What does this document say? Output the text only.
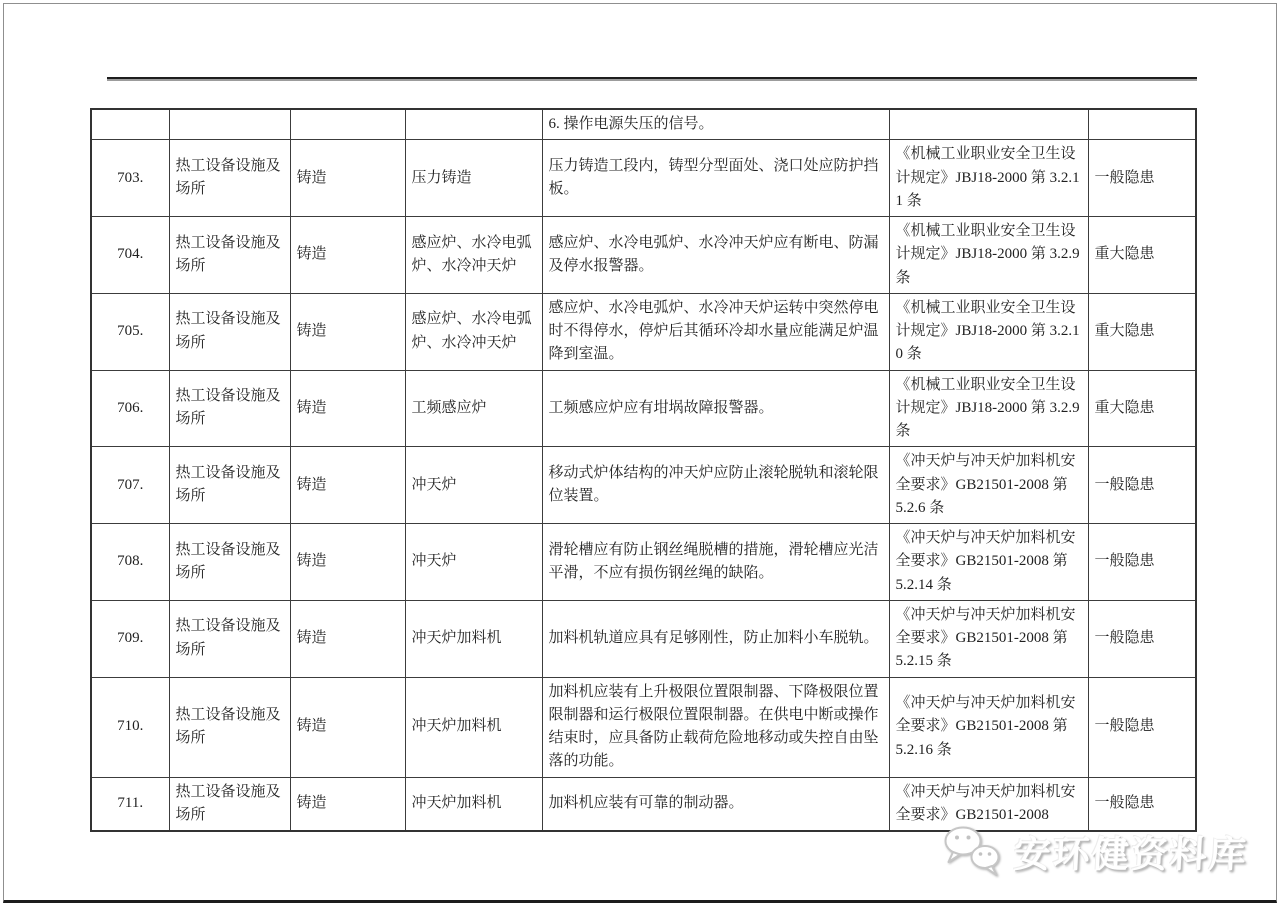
				6. 操作电源失压的信号。		
703.	热工设备设施及场所	铸造	压力铸造	压力铸造工段内，铸型分型面处、浇口处应防护挡板。	《机械工业职业安全卫生设计规定》JBJ18-2000 第 3.2.11 条	一般隐患
704.	热工设备设施及场所	铸造	感应炉、水冷电弧炉、水冷冲天炉	感应炉、水冷电弧炉、水冷冲天炉应有断电、防漏及停水报警器。	《机械工业职业安全卫生设计规定》JBJ18-2000 第 3.2.9 条	重大隐患
705.	热工设备设施及场所	铸造	感应炉、水冷电弧炉、水冷冲天炉	感应炉、水冷电弧炉、水冷冲天炉运转中突然停电时不得停水，停炉后其循环冷却水量应能满足炉温降到室温。	《机械工业职业安全卫生设计规定》JBJ18-2000 第 3.2.10 条	重大隐患
706.	热工设备设施及场所	铸造	工频感应炉	工频感应炉应有坩埚故障报警器。	《机械工业职业安全卫生设计规定》JBJ18-2000 第 3.2.9 条	重大隐患
707.	热工设备设施及场所	铸造	冲天炉	移动式炉体结构的冲天炉应防止滚轮脱轨和滚轮限位装置。	《冲天炉与冲天炉加料机安全要求》GB21501-2008 第 5.2.6 条	一般隐患
708.	热工设备设施及场所	铸造	冲天炉	滑轮槽应有防止钢丝绳脱槽的措施，滑轮槽应光洁平滑，不应有损伤钢丝绳的缺陷。	《冲天炉与冲天炉加料机安全要求》GB21501-2008 第 5.2.14 条	一般隐患
709.	热工设备设施及场所	铸造	冲天炉加料机	加料机轨道应具有足够刚性，防止加料小车脱轨。	《冲天炉与冲天炉加料机安全要求》GB21501-2008 第 5.2.15 条	一般隐患
710.	热工设备设施及场所	铸造	冲天炉加料机	加料机应装有上升极限位置限制器、下降极限位置限制器和运行极限位置限制器。在供电中断或操作结束时，应具备防止载荷危险地移动或失控自由坠落的功能。	《冲天炉与冲天炉加料机安全要求》GB21501-2008 第 5.2.16 条	一般隐患
711.	热工设备设施及场所	铸造	冲天炉加料机	加料机应装有可靠的制动器。	《冲天炉与冲天炉加料机安全要求》GB21501-2008	一般隐患
安环健资料库
